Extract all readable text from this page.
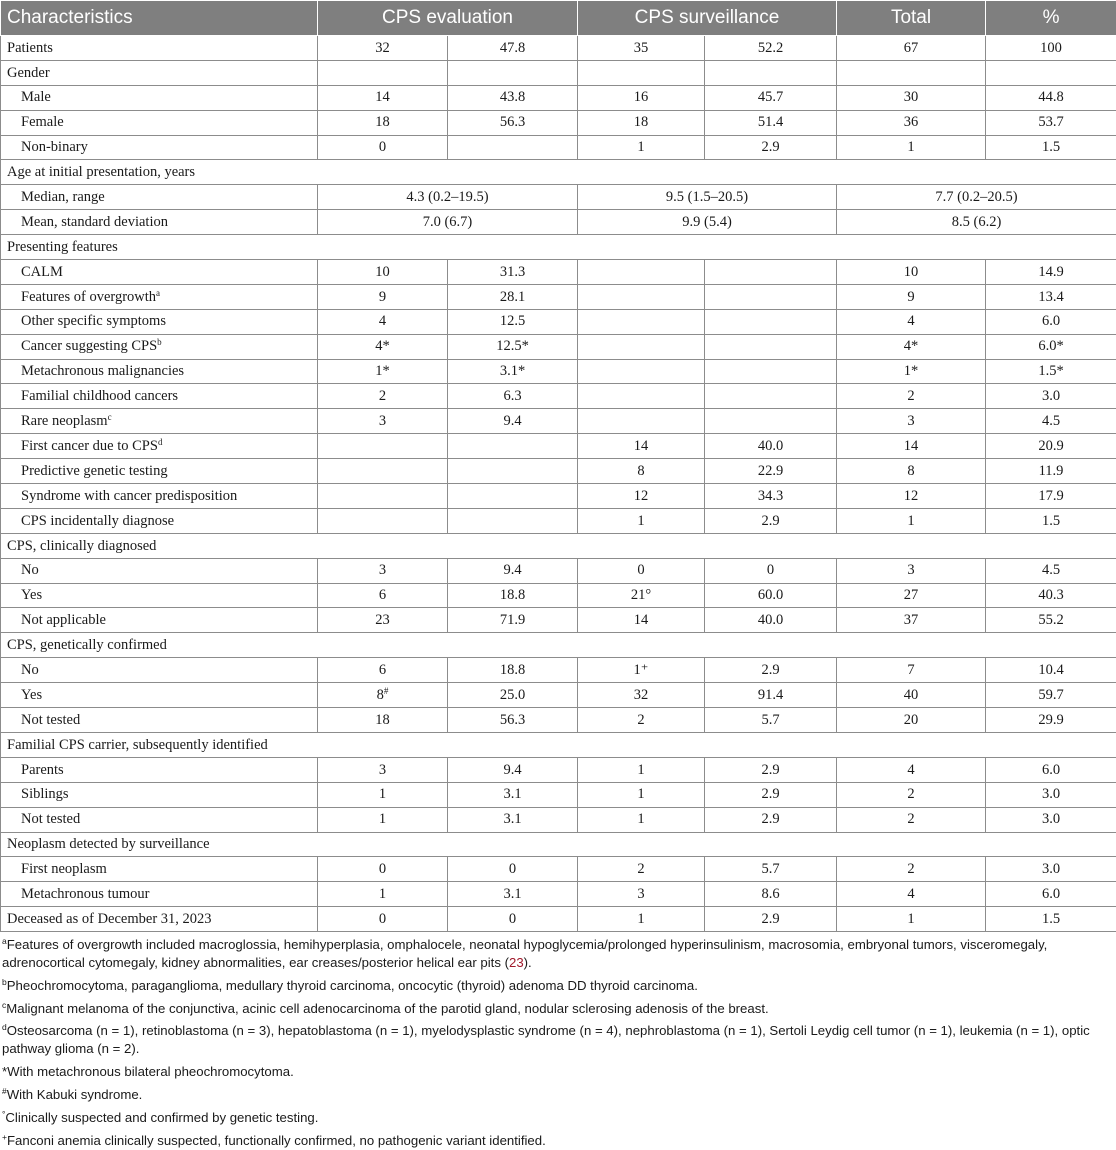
Characteristics	CPS evaluation		CPS surveillance		Total	%
Patients	32	47.8	35	52.2	67	100
Gender						
Male	14	43.8	16	45.7	30	44.8
Female	18	56.3	18	51.4	36	53.7
Non-binary	0		1	2.9	1	1.5
Age at initial presentation, years						
Median, range	4.3 (0.2–19.5)		9.5 (1.5–20.5)		7.7 (0.2–20.5)	
Mean, standard deviation	7.0 (6.7)		9.9 (5.4)		8.5 (6.2)	
Presenting features						
CALM	10	31.3			10	14.9
Features of overgrowth$^a$	9	28.1			9	13.4
Other specific symptoms	4	12.5			4	6.0
Cancer suggesting CPS$^b$	4*	12.5*			4*	6.0*
Metachronous malignancies	1*	3.1*			1*	1.5*
Familial childhood cancers	2	6.3			2	3.0
Rare neoplasm$^c$	3	9.4			3	4.5
First cancer due to CPS$^d$			14	40.0	14	20.9
Predictive genetic testing			8	22.9	8	11.9
Syndrome with cancer predisposition			12	34.3	12	17.9
CPS incidentally diagnose			1	2.9	1	1.5
CPS, clinically diagnosed						
No	3	9.4	0	0	3	4.5
Yes	6	18.8	21°	60.0	27	40.3
Not applicable	23	71.9	14	40.0	37	55.2
CPS, genetically confirmed						
No	6	18.8	1⁺	2.9	7	10.4
Yes	8#	25.0	32	91.4	40	59.7
Not tested	18	56.3	2	5.7	20	29.9
Familial CPS carrier, subsequently identified						
Parents	3	9.4	1	2.9	4	6.0
Siblings	1	3.1	1	2.9	2	3.0
Not tested	1	3.1	1	2.9	2	3.0
Neoplasm detected by surveillance						
First neoplasm	0	0	2	5.7	2	3.0
Metachronous tumour	1	3.1	3	8.6	4	6.0
Deceased as of December 31, 2023	0	0	1	2.9	1	1.5
$^a$Features of overgrowth included macroglossia, hemihyperplasia, omphalocele, neonatal hypoglycemia/prolonged hyperinsulinism, macrosomia, embryonal tumors, visceromegaly, adrenocortical cytomegaly, kidney abnormalities, ear creases/posterior helical ear pits (23).
$^b$Pheochromocytoma, paraganglioma, medullary thyroid carcinoma, oncocytic (thyroid) adenoma DD thyroid carcinoma.
$^c$Malignant melanoma of the conjunctiva, acinic cell adenocarcinoma of the parotid gland, nodular sclerosing adenosis of the breast.
$^d$Osteosarcoma (n = 1), retinoblastoma (n = 3), hepatoblastoma (n = 1), myelodysplastic syndrome (n = 4), nephroblastoma (n = 1), Sertoli Leydig cell tumor (n = 1), leukemia (n = 1), optic pathway glioma (n = 2).
*With metachronous bilateral pheochromocytoma.
#With Kabuki syndrome.
°Clinically suspected and confirmed by genetic testing.
+Fanconi anemia clinically suspected, functionally confirmed, no pathogenic variant identified.
